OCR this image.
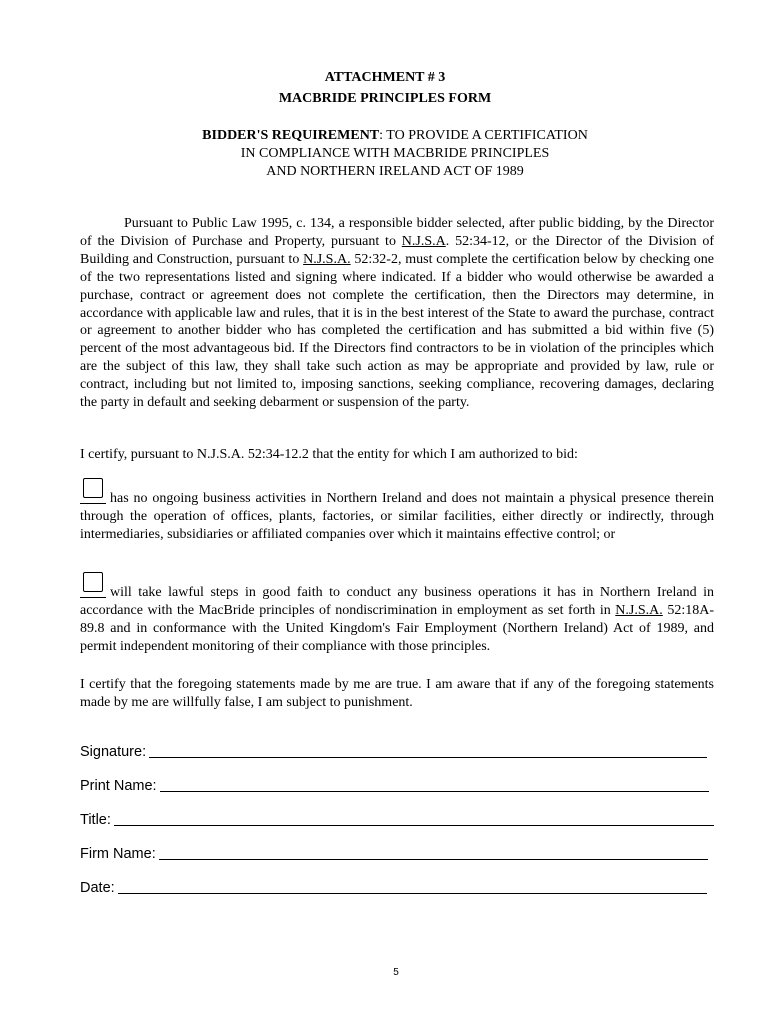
ATTACHMENT # 3
MACBRIDE PRINCIPLES FORM
BIDDER'S REQUIREMENT: TO PROVIDE A CERTIFICATION
IN COMPLIANCE WITH MACBRIDE PRINCIPLES
AND NORTHERN IRELAND ACT OF 1989
Pursuant to Public Law 1995, c. 134, a responsible bidder selected, after public bidding, by the Director of the Division of Purchase and Property, pursuant to N.J.S.A. 52:34-12, or the Director of the Division of Building and Construction, pursuant to N.J.S.A. 52:32-2, must complete the certification below by checking one of the two representations listed and signing where indicated. If a bidder who would otherwise be awarded a purchase, contract or agreement does not complete the certification, then the Directors may determine, in accordance with applicable law and rules, that it is in the best interest of the State to award the purchase, contract or agreement to another bidder who has completed the certification and has submitted a bid within five (5) percent of the most advantageous bid. If the Directors find contractors to be in violation of the principles which are the subject of this law, they shall take such action as may be appropriate and provided by law, rule or contract, including but not limited to, imposing sanctions, seeking compliance, recovering damages, declaring the party in default and seeking debarment or suspension of the party.
I certify, pursuant to N.J.S.A. 52:34-12.2 that the entity for which I am authorized to bid:
has no ongoing business activities in Northern Ireland and does not maintain a physical presence therein through the operation of offices, plants, factories, or similar facilities, either directly or indirectly, through intermediaries, subsidiaries or affiliated companies over which it maintains effective control; or
will take lawful steps in good faith to conduct any business operations it has in Northern Ireland in accordance with the MacBride principles of nondiscrimination in employment as set forth in N.J.S.A. 52:18A-89.8 and in conformance with the United Kingdom's Fair Employment (Northern Ireland) Act of 1989, and permit independent monitoring of their compliance with those principles.
I certify that the foregoing statements made by me are true. I am aware that if any of the foregoing statements made by me are willfully false, I am subject to punishment.
Signature:
Print Name:
Title:
Firm Name:
Date:
5
